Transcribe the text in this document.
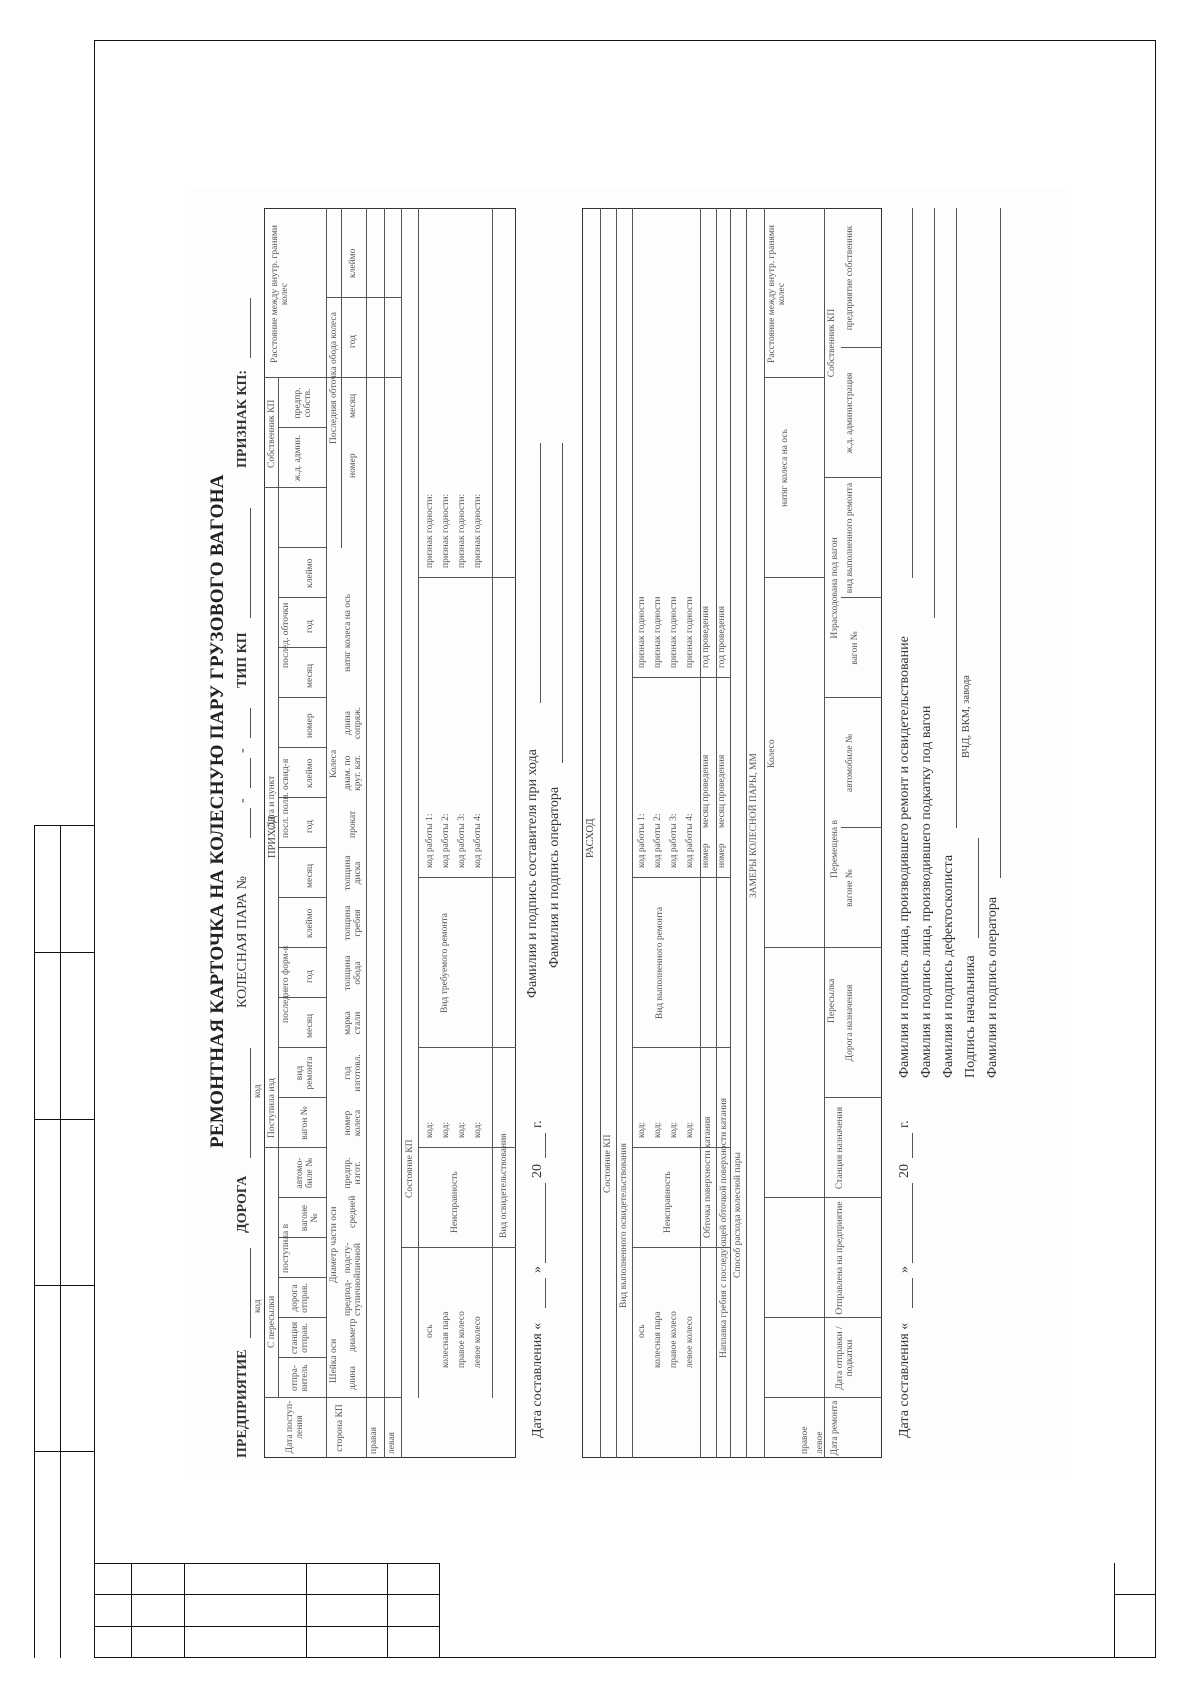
РЕМОНТНАЯ КАРТОЧКА НА КОЛЕСНУЮ ПАРУ ГРУЗОВОГО ВАГОНА
ПРЕДПРИЯТИЕ
код
ДОРОГА
код
КОЛЕСНАЯ ПАРА №
-
-
ТИП КП
ПРИЗНАК КП:
ПРИХОД
Дата поступ- ления
С пересылки
отпра- витель
станция отправ.
дорога отправ.
поступила в
вагоне №
автомо- биле №
Поступила изд вагон №
вид ремонта
Дата и пункт
последнего форм-я
посл. полн. освид-я
послед. обточки
месяц
год
клеймо
месяц
год
клеймо
номер
месяц
год
клеймо
Собственник КП ж.д. админ.
предпр. собств.
Расстояние между внутр. гранями колес
сторона КП
Шейка оси длина
диаметр
Диаметр части оси
предпод- ступичной
подсту- пичной
средней
предпр. изгот.
номер колеса
год изготовл.
марка стали
толщина обода
толщина гребня
толщина диска
прокат
Колеса диам. по круг. кат.
длина сопряж.
натяг колеса на ось
Последняя обточка обода колеса
номер
месяц
год
клеймо
правая левая
Состояние КП
ось колесная пара правое колесо левое колесо
Неисправность
код: код: код: код:
Вид требуемого ремонта
код работы 1: код работы 2: код работы 3: код работы 4:
признак годности: признак годности: признак годности: признак годности:
Вид освидетельствования
Дата составления «
»
20
г.
Фамилия и подпись составителя при хода Фамилия и подпись оператора РАСХОД
Состояние КП Вид выполненного освидетельствования
ось колесная пара правое колесо левое колесо
Неисправность
код: код: код: код:
Вид выполненного ремонта
код работы 1: код работы 2: код работы 3: код работы 4:
признак годности признак годности признак годности признак годности
номер номер
месяц проведения месяц проведения
год проведения год проведения
Обточка поверхности катания Наплавка гребня с последующей обточкой поверхности катания Способ расхода колесной пары
ЗАМЕРЫ КОЛЕСНОЙ ПАРЫ, ММ Колесо
натяг колеса на ось
Расстояние между внутр. гранями колес
правое левое Дата ремонта
Дата отправки / подкатки
Отправлена на предприятие
Станция назначения
Дорога назначения
Пересылка
вагоне №
Перемещена в
автомобиле №
Израсходована под вагон
вагон №
вид выполненного ремонта
Собственник КП
ж.д. администрация
предприятие собственник
Дата составления «
»
20
г.
Фамилия и подпись лица, производившего ремонт и освидетельствование Фамилия и подпись лица, производившего подкатку под вагон Фамилия и подпись дефектоскописта Подпись начальника
ВЧД, ВКМ, завода
Фамилия и подпись оператора
